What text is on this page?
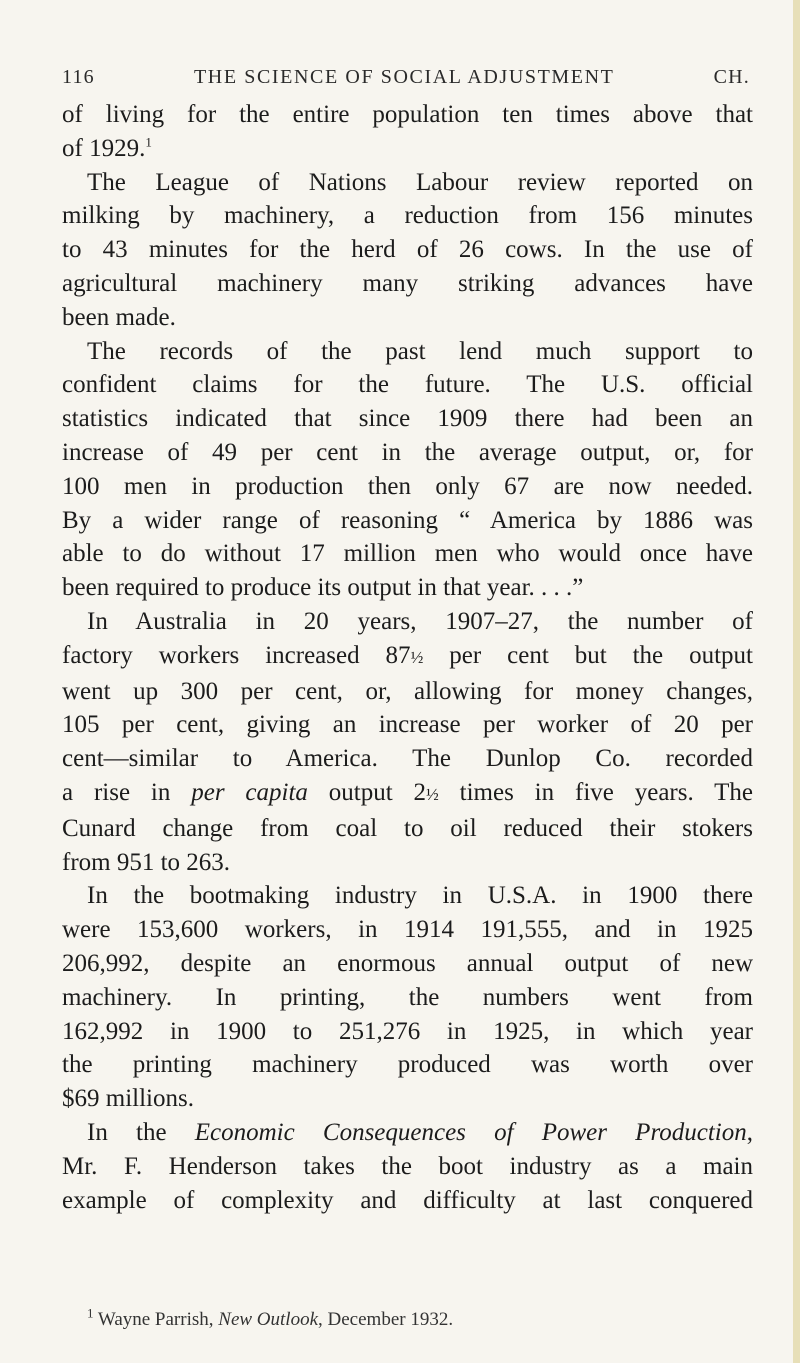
116	THE SCIENCE OF SOCIAL ADJUSTMENT	CH.
of living for the entire population ten times above that
of 1929.$^1$
The League of Nations Labour review reported on
milking by machinery, a reduction from 156 minutes
to 43 minutes for the herd of 26 cows. In the use of
agricultural machinery many striking advances have
been made.
The records of the past lend much support to
confident claims for the future. The U.S. official
statistics indicated that since 1909 there had been an
increase of 49 per cent in the average output, or, for
100 men in production then only 67 are now needed.
By a wider range of reasoning “ America by 1886 was
able to do without 17 million men who would once have
been required to produce its output in that year. . . .”
In Australia in 20 years, 1907–27, the number of
factory workers increased 87½ per cent but the output
went up 300 per cent, or, allowing for money changes,
105 per cent, giving an increase per worker of 20 per
cent—similar to America. The Dunlop Co. recorded
a rise in per capita output 2½ times in five years. The
Cunard change from coal to oil reduced their stokers
from 951 to 263.
In the bootmaking industry in U.S.A. in 1900 there
were 153,600 workers, in 1914 191,555, and in 1925
206,992, despite an enormous annual output of new
machinery. In printing, the numbers went from
162,992 in 1900 to 251,276 in 1925, in which year
the printing machinery produced was worth over
$69 millions.
In the Economic Consequences of Power Production,
Mr. F. Henderson takes the boot industry as a main
example of complexity and difficulty at last conquered
$^1$ Wayne Parrish, New Outlook, December 1932.
